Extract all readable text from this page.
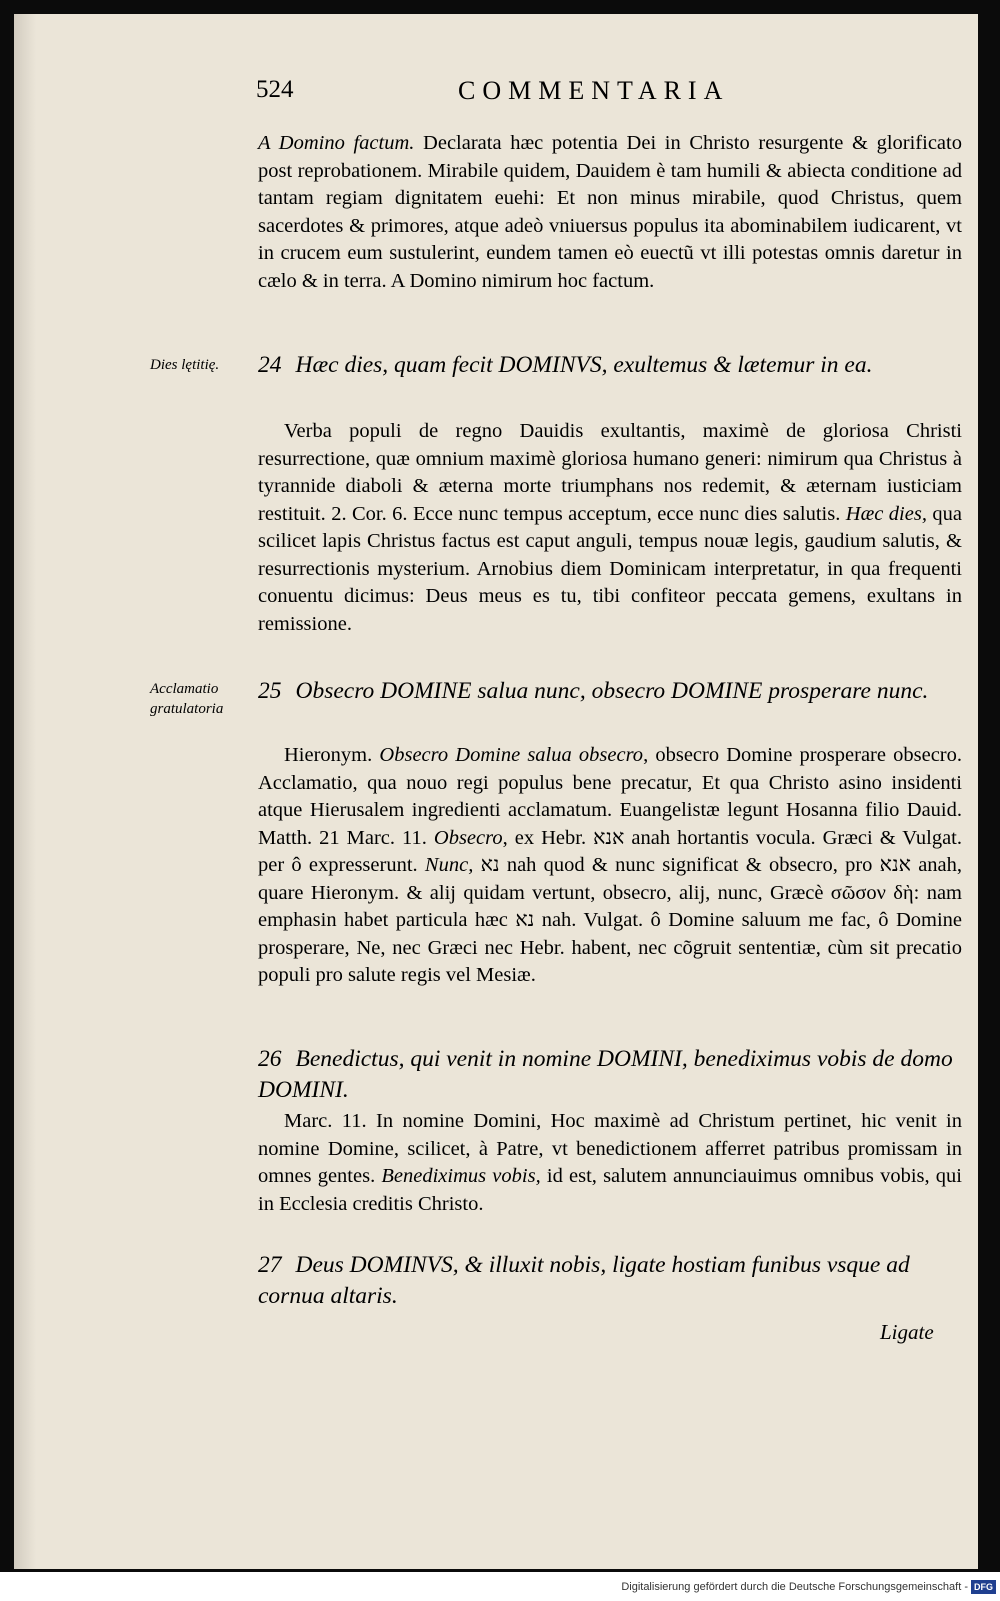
524	COMMENTARIA
A Domino factum. Declarata hæc potentia Dei in Christo resurgente & glorificato post reprobationem. Mirabile quidem, Dauidem è tam humili & abiecta conditione ad tantam regiam dignitatem euehi: Et non minus mirabile, quod Christus, quem sacerdotes & primores, atque adeò vniuersus populus ita abominabilem iudicarent, vt in crucem eum sustulerint, eundem tamen eò euectũ vt illi potestas omnis daretur in cælo & in terra. A Domino nimirum hoc factum.
Dies lętitię. 24 Hæc dies, quam fecit DOMINVS, exultemus & lætemur in ea.
Verba populi de regno Dauidis exultantis, maximè de gloriosa Christi resurrectione, quæ omnium maximè gloriosa humano generi: nimirum qua Christus à tyrannide diaboli & æterna morte triumphans nos redemit, & æternam iusticiam restituit. 2. Cor. 6. Ecce nunc tempus acceptum, ecce nunc dies salutis. Hæc dies, qua scilicet lapis Christus factus est caput anguli, tempus nouæ legis, gaudium salutis, & resurrectionis mysterium. Arnobius diem Dominicam interpretatur, in qua frequenti conuentu dicimus: Deus meus es tu, tibi confiteor peccata gemens, exultans in remissione.
Acclamatio
gratulatoria
25 Obsecro DOMINE salua nunc, obsecro DOMINE prosperare nunc.
Hieronym. Obsecro Domine salua obsecro, obsecro Domine prosperare obsecro. Acclamatio, qua nouo regi populus bene precatur, Et qua Christo asino insidenti atque Hierusalem ingredienti acclamatum. Euangelistæ legunt Hosanna filio Dauid. Matth. 21 Marc. 11. Obsecro, ex Hebr. אנא anah hortantis vocula. Græci & Vulgat. per ô expresserunt. Nunc, נא nah quod & nunc significat & obsecro, pro אנא anah, quare Hieronym. & alij quidam vertunt, obsecro, alij, nunc, Græcè σῶσον δὴ: nam emphasin habet particula hæc נא nah. Vulgat. ô Domine saluum me fac, ô Domine prosperare, Ne, nec Græci nec Hebr. habent, nec cõgruit sententiæ, cùm sit precatio populi pro salute regis vel Mesiæ.
26 Benedictus, qui venit in nomine DOMINI, benediximus vobis de domo DOMINI.
Marc. 11. In nomine Domini, Hoc maximè ad Christum pertinet, hic venit in nomine Domine, scilicet, à Patre, vt benedictionem afferret patribus promissam in omnes gentes. Benediximus vobis, id est, salutem annunciauimus omnibus vobis, qui in Ecclesia creditis Christo.
27 Deus DOMINVS, & illuxit nobis, ligate hostiam funibus vsque ad cornua altaris.
Ligate
Digitalisierung gefördert durch die Deutsche Forschungsgemeinschaft - DFG
